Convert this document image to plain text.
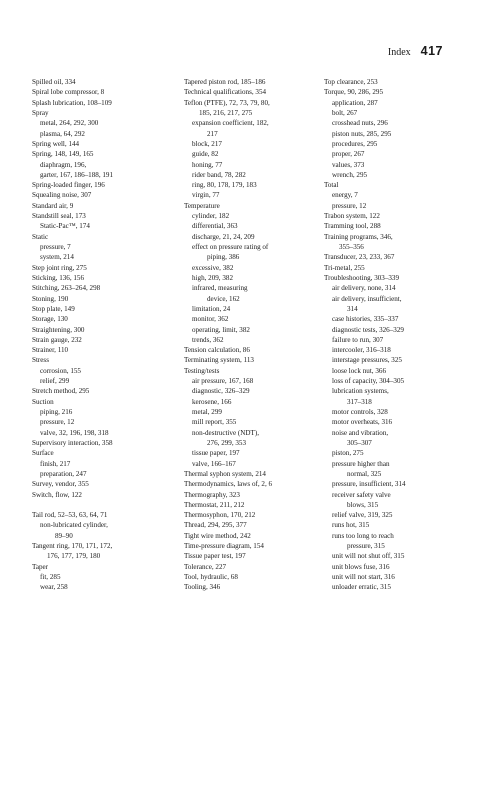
Index 417
Spilled oil, 334
Spiral lobe compressor, 8
Splash lubrication, 108–109
Spray
metal, 264, 292, 300
plasma, 64, 292
Spring well, 144
Spring, 148, 149, 165
diaphragm, 196,
garter, 167, 186–188, 191
Spring-loaded finger, 196
Squealing noise, 307
Standard air, 9
Standstill seal, 173
Static-Pac™, 174
Static
pressure, 7
system, 214
Step joint ring, 275
Sticking, 136, 156
Stitching, 263–264, 298
Stoning, 190
Stop plate, 149
Storage, 130
Straightening, 300
Strain gauge, 232
Strainer, 110
Stress
corrosion, 155
relief, 299
Stretch method, 295
Suction
piping, 216
pressure, 12
valve, 32, 196, 198, 318
Supervisory interaction, 358
Surface
finish, 217
preparation, 247
Survey, vendor, 355
Switch, flow, 122
Tail rod, 52–53, 63, 64, 71
non-lubricated cylinder,
89–90
Tangent ring, 170, 171, 172,
176, 177, 179, 180
Taper
fit, 285
wear, 258
Tapered piston rod, 185–186
Technical qualifications, 354
Teflon (PTFE), 72, 73, 79, 80,
185, 216, 217, 275
expansion coefficient, 182,
217
block, 217
guide, 82
honing, 77
rider band, 78, 282
ring, 80, 178, 179, 183
virgin, 77
Temperature
cylinder, 182
differential, 363
discharge, 21, 24, 209
effect on pressure rating of
piping, 386
excessive, 382
high, 209, 382
infrared, measuring
device, 162
limitation, 24
monitor, 362
operating, limit, 382
trends, 362
Tension calculation, 86
Terminating system, 113
Testing/tests
air pressure, 167, 168
diagnostic, 326–329
kerosene, 166
metal, 299
mill report, 355
non-destructive (NDT),
276, 299, 353
tissue paper, 197
valve, 166–167
Thermal syphon system, 214
Thermodynamics, laws of, 2, 6
Thermography, 323
Thermostat, 211, 212
Thermosyphon, 170, 212
Thread, 294, 295, 377
Tight wire method, 242
Time-pressure diagram, 154
Tissue paper test, 197
Tolerance, 227
Tool, hydraulic, 68
Tooling, 346
Top clearance, 253
Torque, 90, 286, 295
application, 287
bolt, 267
crosshead nuts, 296
piston nuts, 285, 295
procedures, 295
proper, 267
values, 373
wrench, 295
Total
energy, 7
pressure, 12
Trabon system, 122
Tramming tool, 288
Training programs, 346,
355–356
Transducer, 23, 233, 367
Tri-metal, 255
Troubleshooting, 303–339
air delivery, none, 314
air delivery, insufficient,
314
case histories, 335–337
diagnostic tests, 326–329
failure to run, 307
intercooler, 316–318
interstage pressures, 325
loose lock nut, 366
loss of capacity, 304–305
lubrication systems,
317–318
motor controls, 328
motor overheats, 316
noise and vibration,
305–307
piston, 275
pressure higher than
normal, 325
pressure, insufficient, 314
receiver safety valve
blows, 315
relief valve, 319, 325
runs hot, 315
runs too long to reach
pressure, 315
unit will not shut off, 315
unit blows fuse, 316
unit will not start, 316
unloader erratic, 315
